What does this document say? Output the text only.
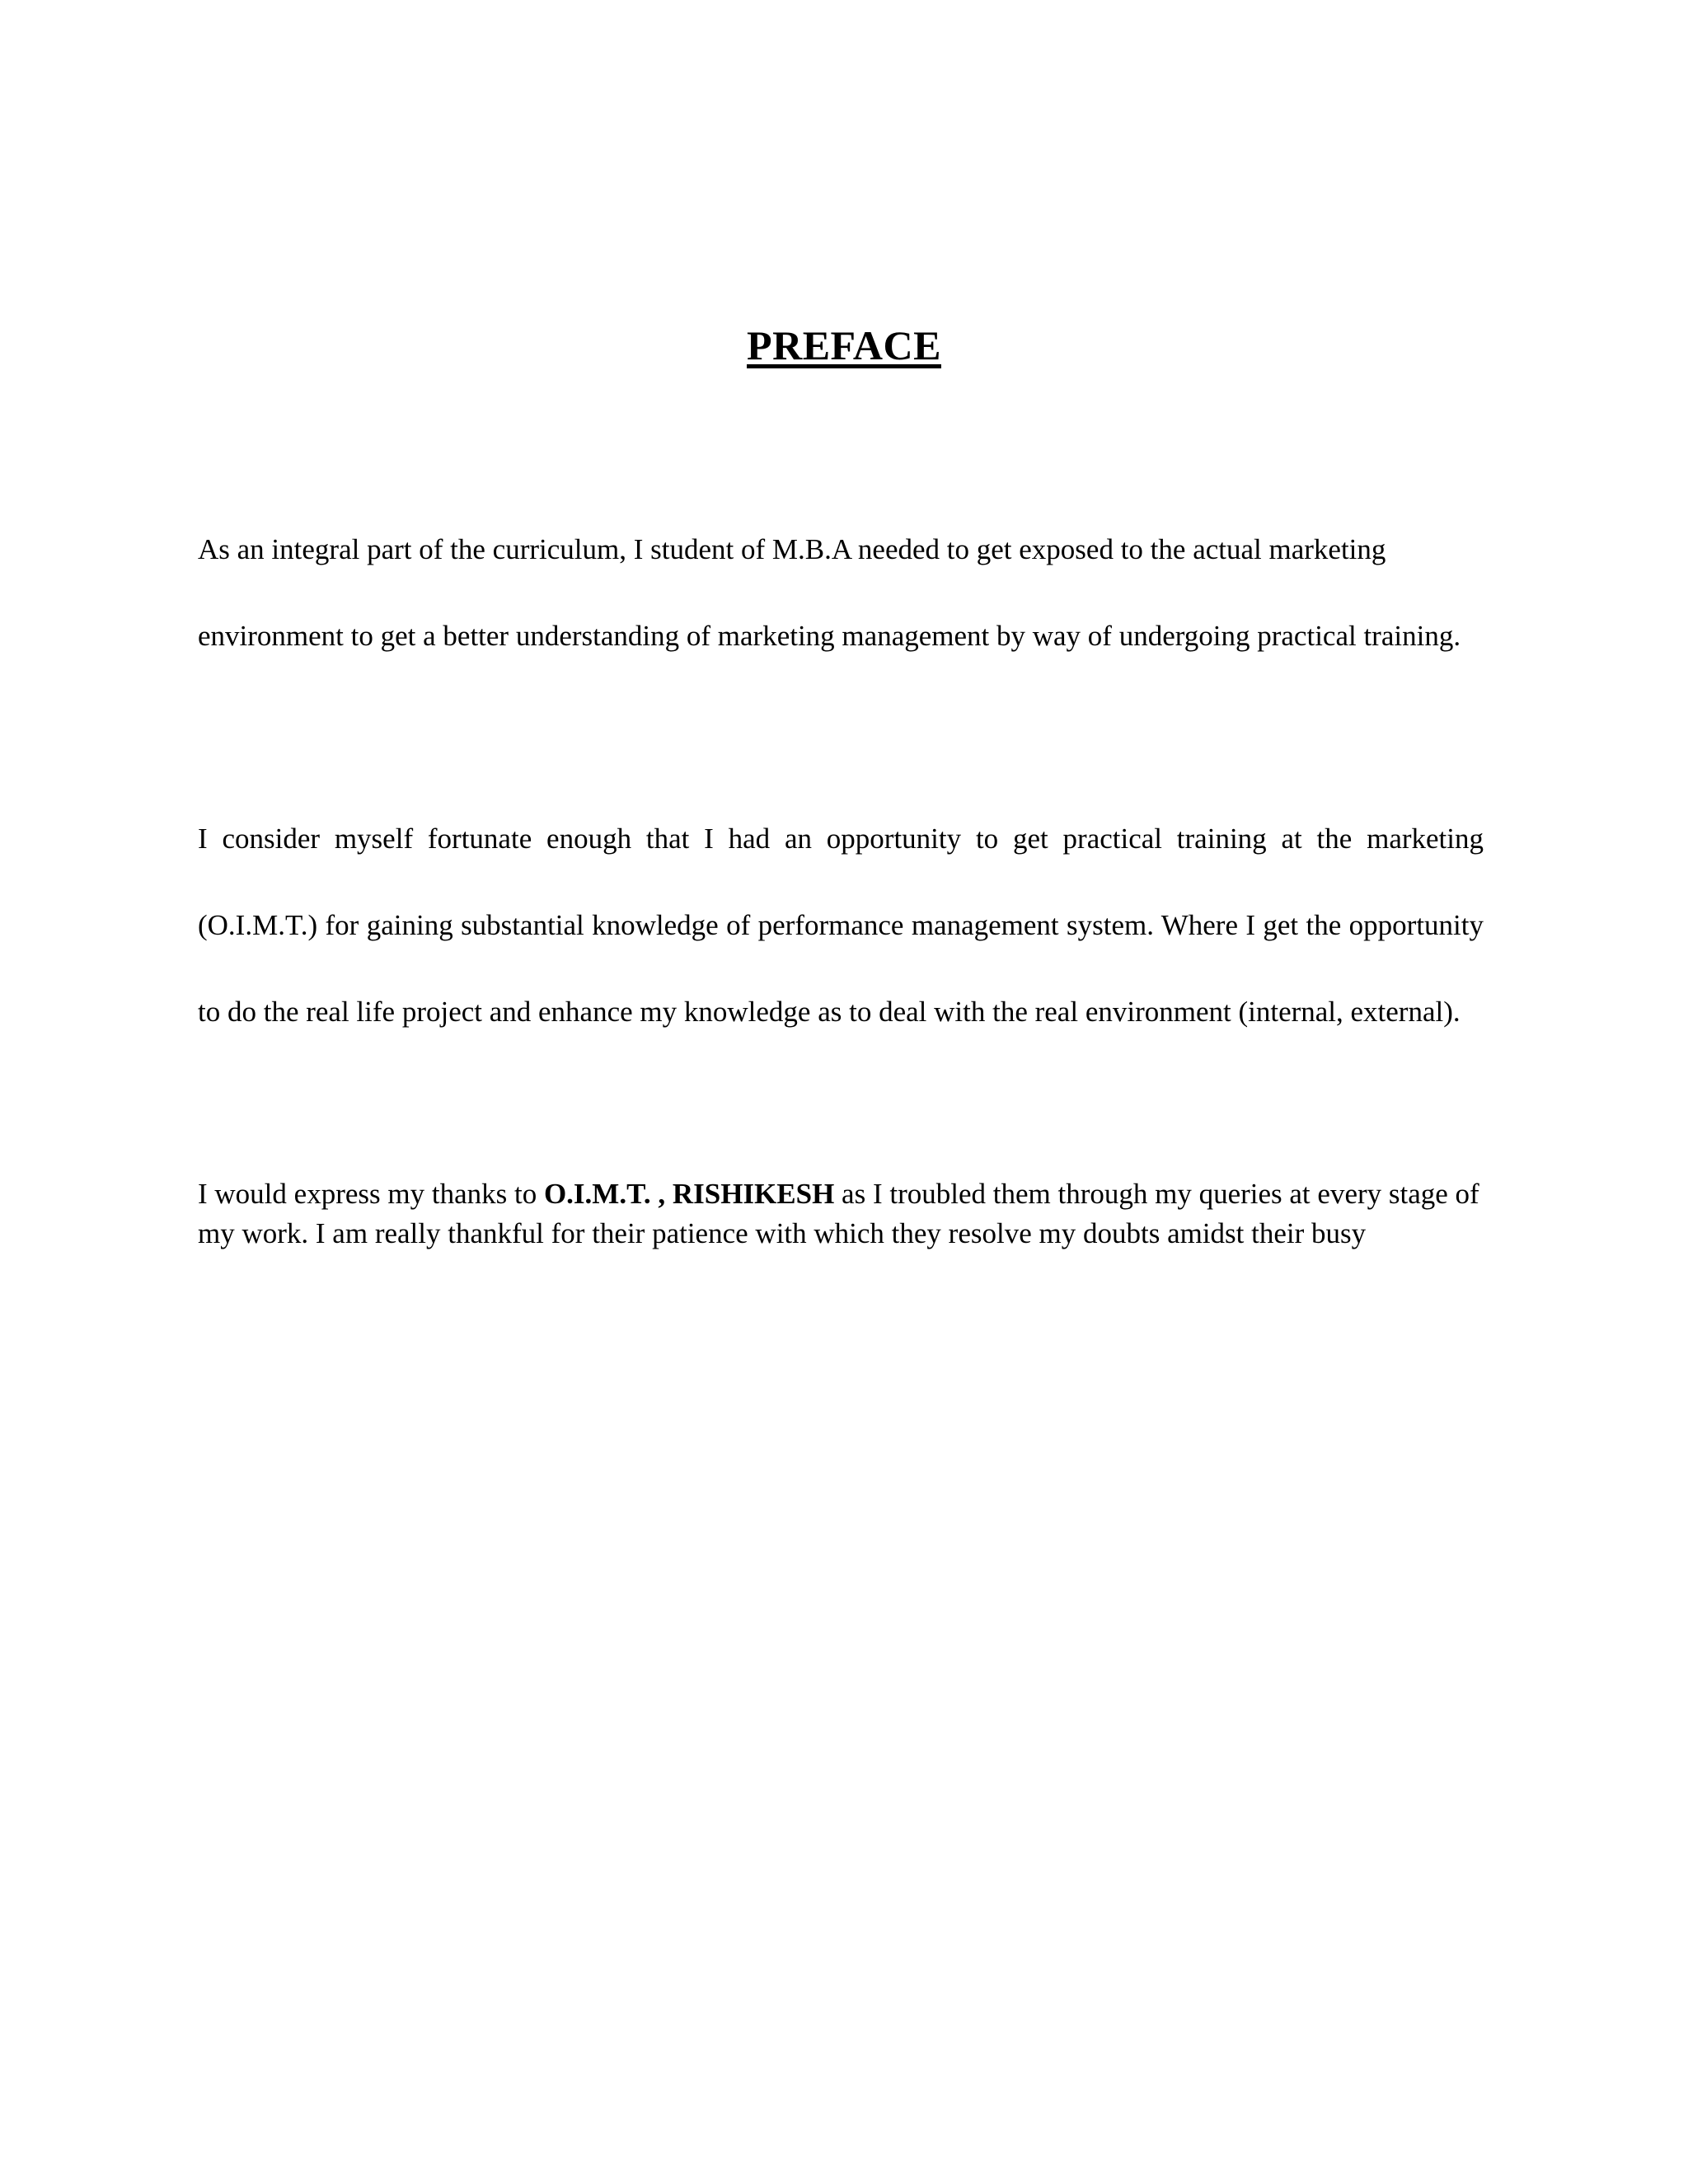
PREFACE

As an integral part of the curriculum, I student of M.B.A needed to get exposed to the actual marketing environment to get a better understanding of marketing management by way of undergoing practical training.

I consider myself fortunate enough that I had an opportunity to get practical training at the marketing (O.I.M.T.) for gaining substantial knowledge of performance management system. Where I get the opportunity to do the real life project and enhance my knowledge as to deal with the real environment (internal, external).

I would express my thanks to O.I.M.T. , RISHIKESH as I troubled them through my queries at every stage of my work. I am really thankful for their patience with which they resolve my doubts amidst their busy
